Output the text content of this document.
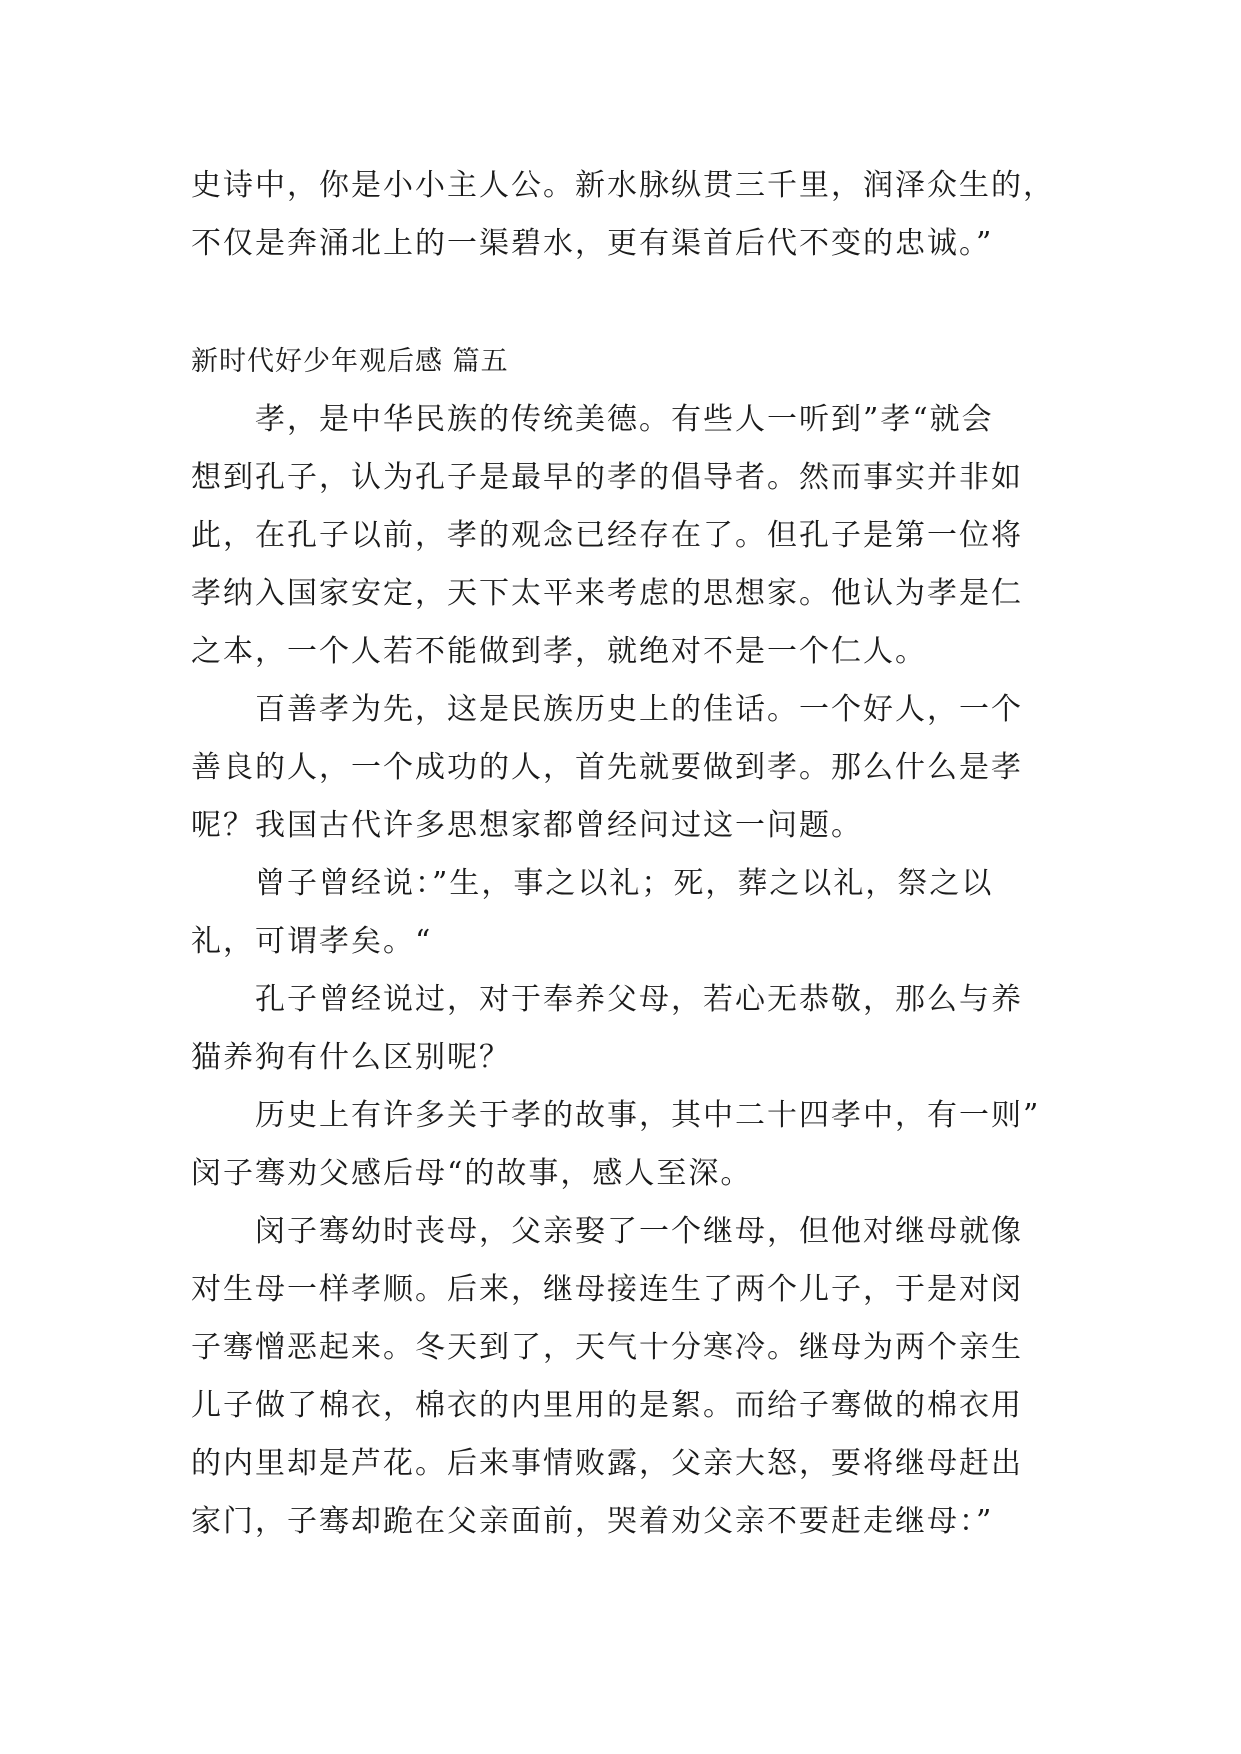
史诗中，你是小小主人公。新水脉纵贯三千里，润泽众生的，
不仅是奔涌北上的一渠碧水，更有渠首后代不变的忠诚。”
新时代好少年观后感 篇五
孝，是中华民族的传统美德。有些人一听到”孝“就会
想到孔子，认为孔子是最早的孝的倡导者。然而事实并非如
此，在孔子以前，孝的观念已经存在了。但孔子是第一位将
孝纳入国家安定，天下太平来考虑的思想家。他认为孝是仁
之本，一个人若不能做到孝，就绝对不是一个仁人。
百善孝为先，这是民族历史上的佳话。一个好人，一个
善良的人，一个成功的人，首先就要做到孝。那么什么是孝
呢？我国古代许多思想家都曾经问过这一问题。
曾子曾经说：”生，事之以礼；死，葬之以礼，祭之以
礼，可谓孝矣。“
孔子曾经说过，对于奉养父母，若心无恭敬，那么与养
猫养狗有什么区别呢？
历史上有许多关于孝的故事，其中二十四孝中，有一则”
闵子骞劝父感后母“的故事，感人至深。
闵子骞幼时丧母，父亲娶了一个继母，但他对继母就像
对生母一样孝顺。后来，继母接连生了两个儿子，于是对闵
子骞憎恶起来。冬天到了，天气十分寒冷。继母为两个亲生
儿子做了棉衣，棉衣的内里用的是絮。而给子骞做的棉衣用
的内里却是芦花。后来事情败露，父亲大怒，要将继母赶出
家门，子骞却跪在父亲面前，哭着劝父亲不要赶走继母：”
